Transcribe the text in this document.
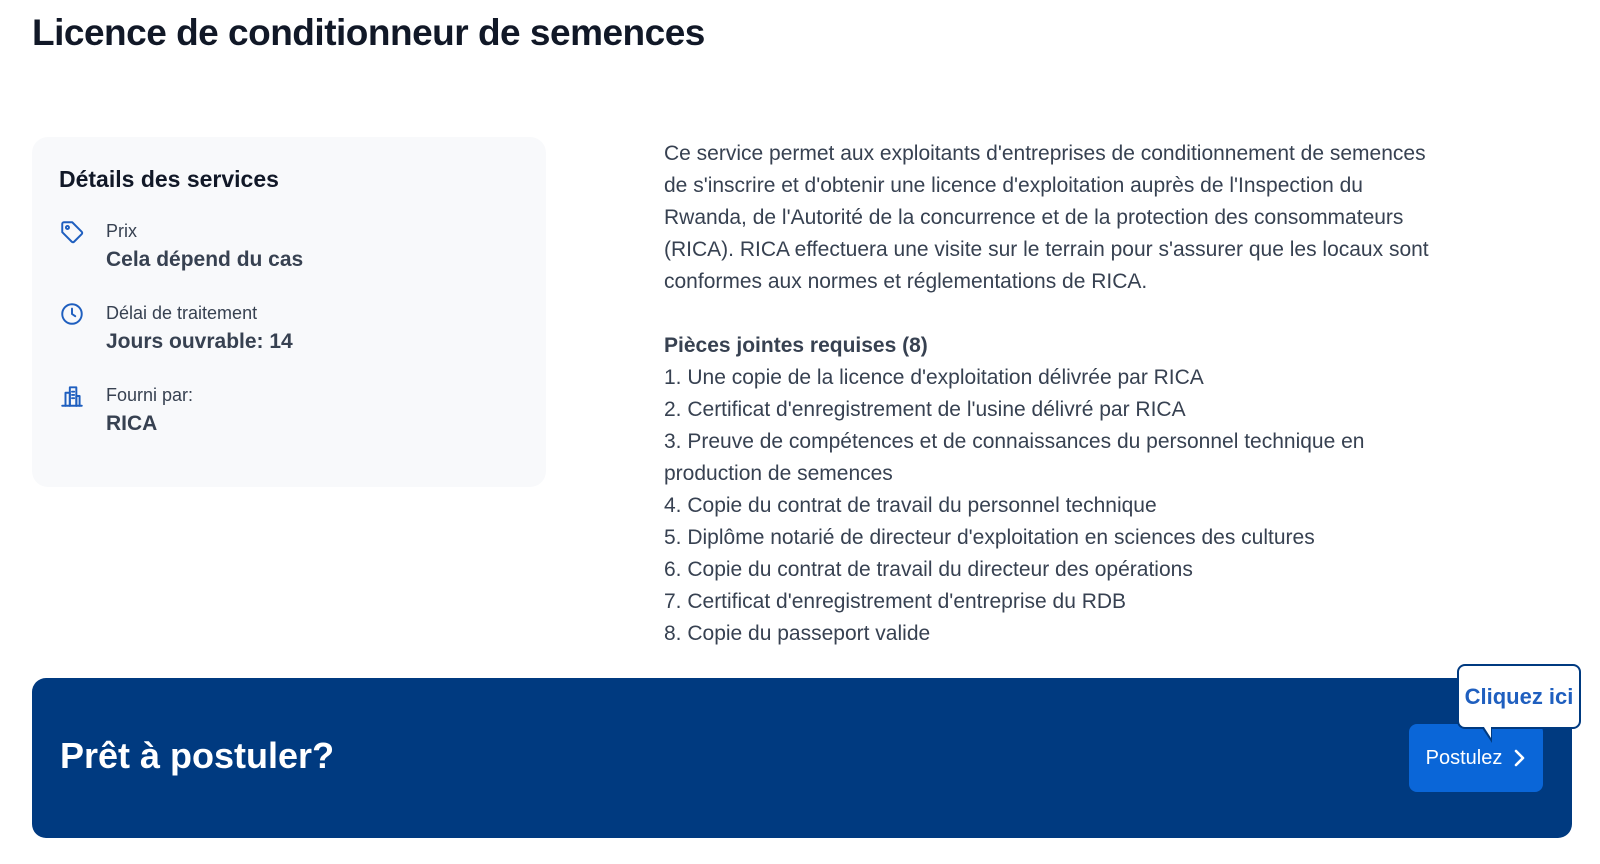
Licence de conditionneur de semences
Détails des services
Prix
Cela dépend du cas
Délai de traitement
Jours ouvrable: 14
Fourni par:
RICA

Ce service permet aux exploitants d'entreprises de conditionnement de semences de s'inscrire et d'obtenir une licence d'exploitation auprès de l'Inspection du Rwanda, de l'Autorité de la concurrence et de la protection des consommateurs (RICA). RICA effectuera une visite sur le terrain pour s'assurer que les locaux sont conformes aux normes et réglementations de RICA.

Pièces jointes requises (8)
1. Une copie de la licence d'exploitation délivrée par RICA
2. Certificat d'enregistrement de l'usine délivré par RICA
3. Preuve de compétences et de connaissances du personnel technique en production de semences
4. Copie du contrat de travail du personnel technique
5. Diplôme notarié de directeur d'exploitation en sciences des cultures
6. Copie du contrat de travail du directeur des opérations
7. Certificat d'enregistrement d'entreprise du RDB
8. Copie du passeport valide
Prêt à postuler?	Postulez
Cliquez ici
